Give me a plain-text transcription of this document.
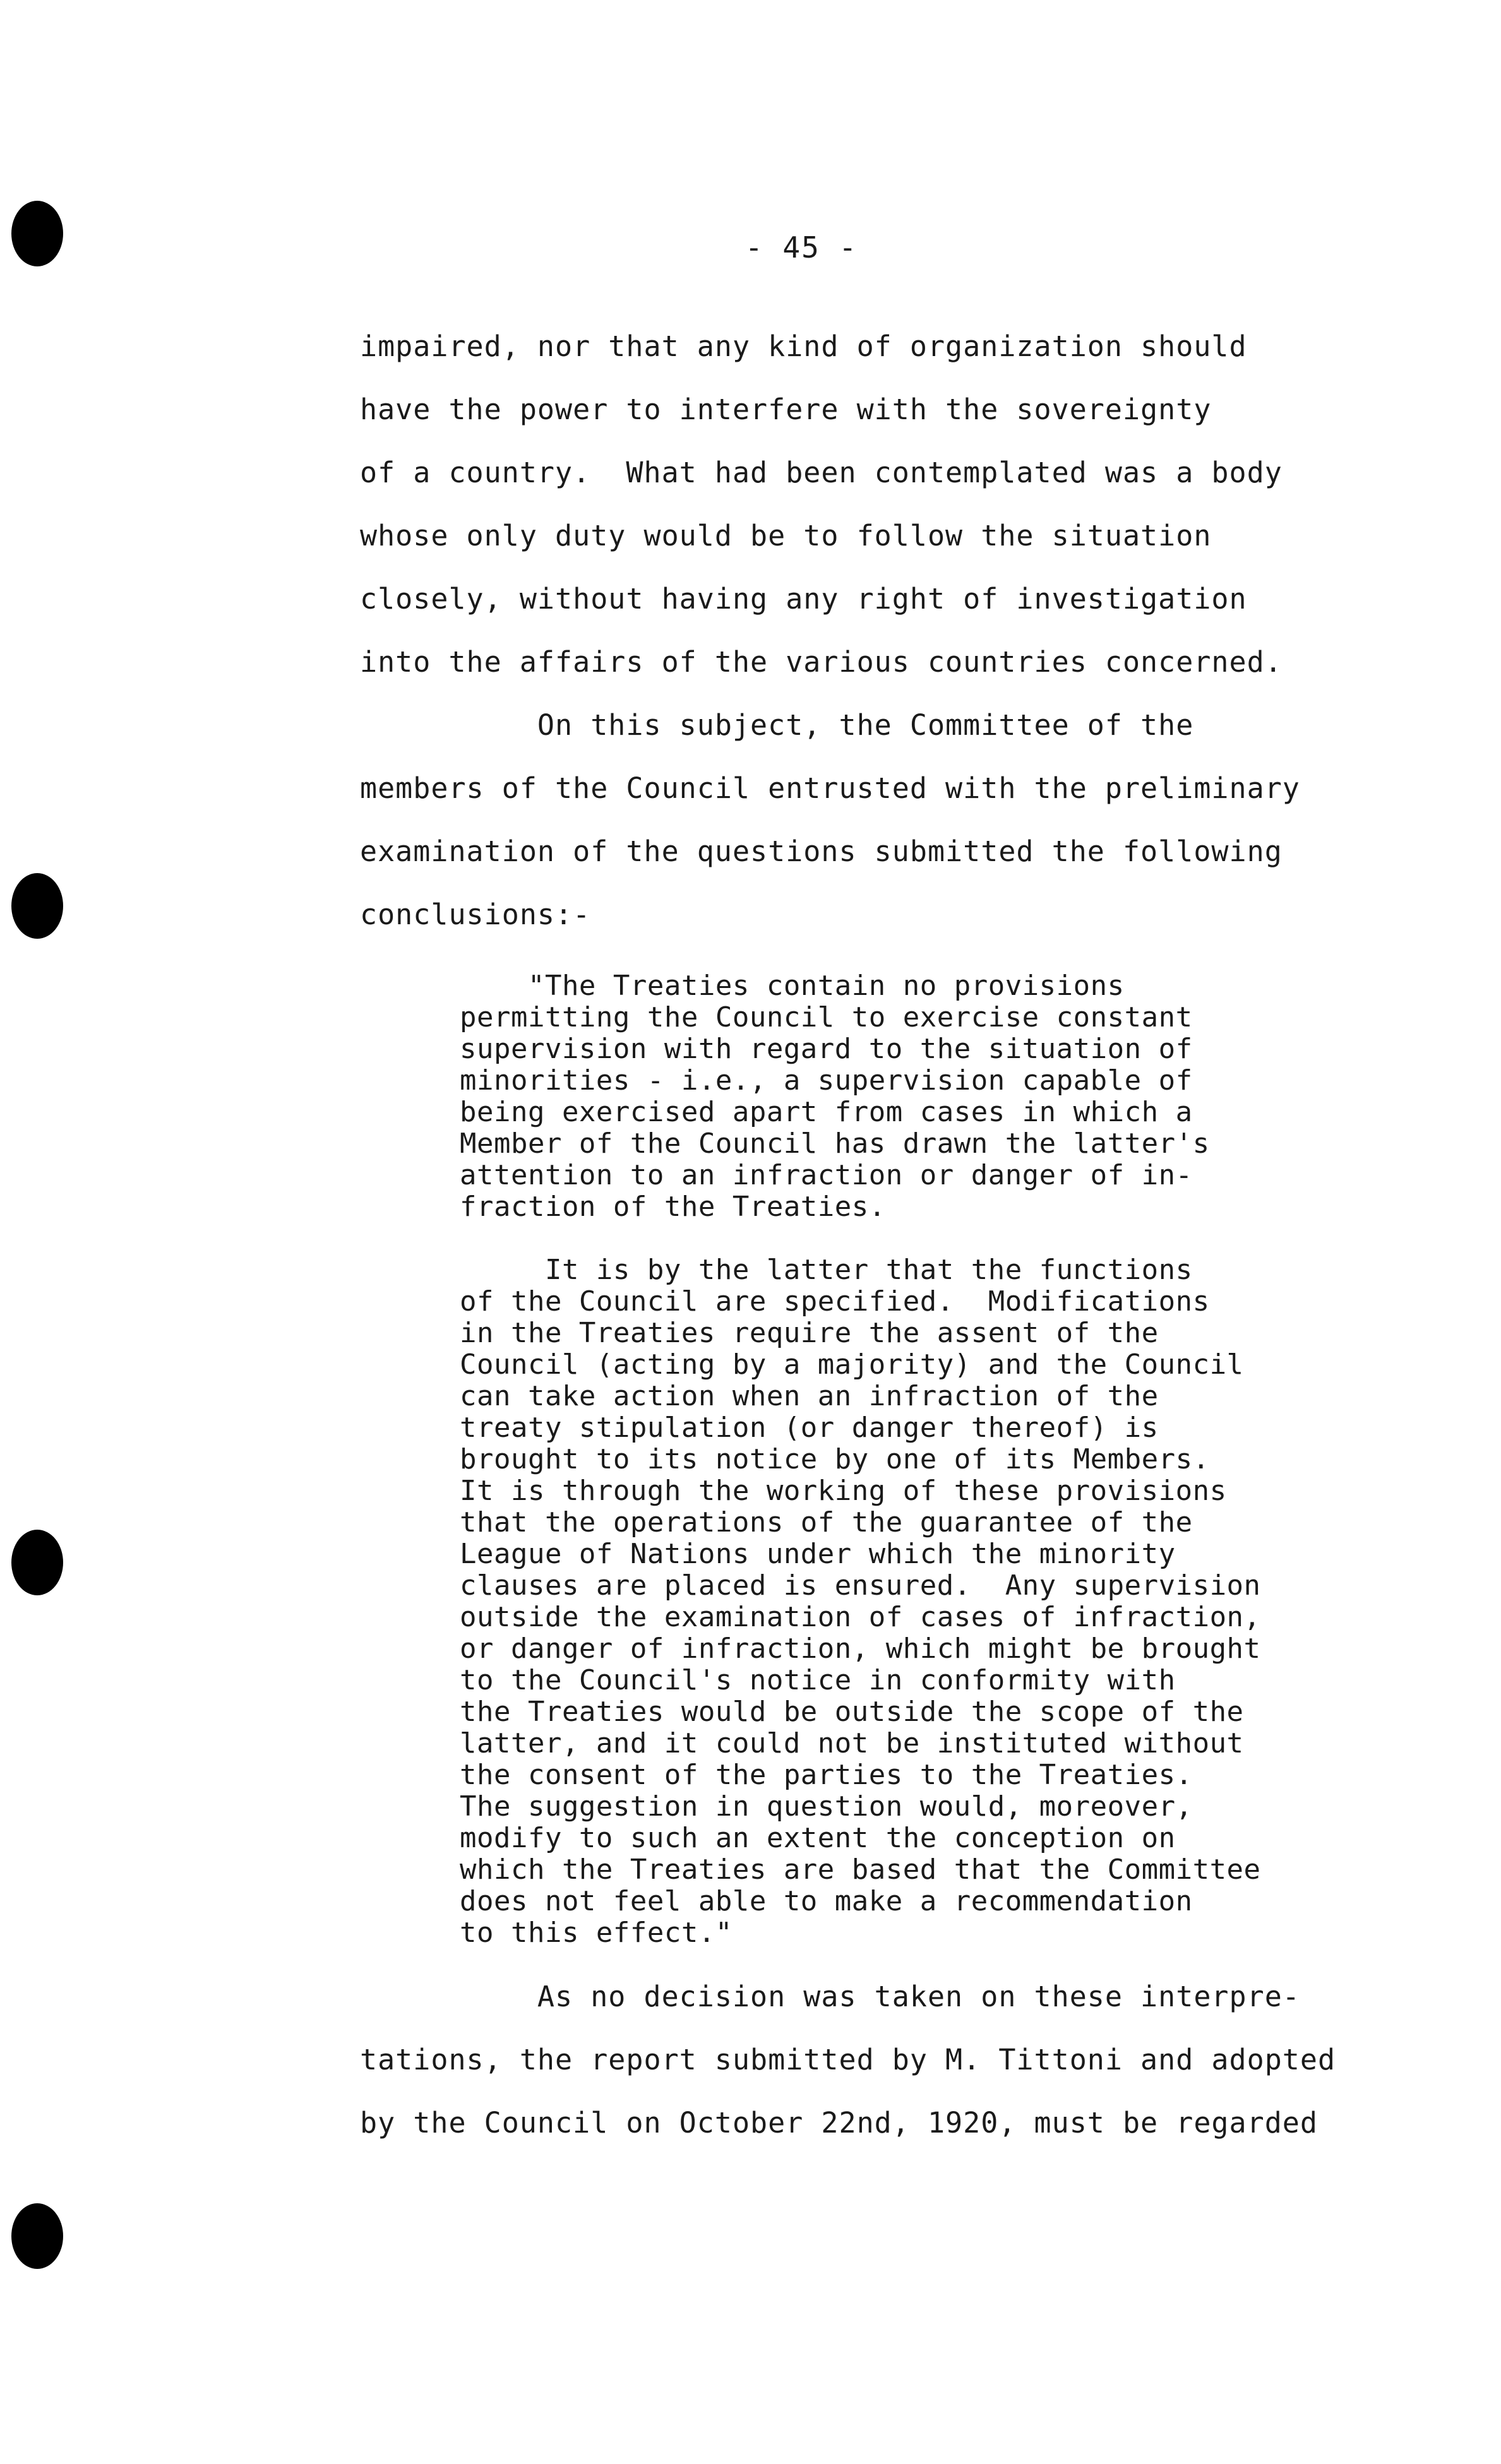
- 45 -
impaired, nor that any kind of organization should
have the power to interfere with the sovereignty
of a country.  What had been contemplated was a body
whose only duty would be to follow the situation
closely, without having any right of investigation
into the affairs of the various countries concerned.
On this subject, the Committee of the
members of the Council entrusted with the preliminary
examination of the questions submitted the following
conclusions:-
"The Treaties contain no provisions
permitting the Council to exercise constant
supervision with regard to the situation of
minorities - i.e., a supervision capable of
being exercised apart from cases in which a
Member of the Council has drawn the latter's
attention to an infraction or danger of in-
fraction of the Treaties.
It is by the latter that the functions
of the Council are specified.  Modifications
in the Treaties require the assent of the
Council (acting by a majority) and the Council
can take action when an infraction of the
treaty stipulation (or danger thereof) is
brought to its notice by one of its Members.
It is through the working of these provisions
that the operations of the guarantee of the
League of Nations under which the minority
clauses are placed is ensured.  Any supervision
outside the examination of cases of infraction,
or danger of infraction, which might be brought
to the Council's notice in conformity with
the Treaties would be outside the scope of the
latter, and it could not be instituted without
the consent of the parties to the Treaties.
The suggestion in question would, moreover,
modify to such an extent the conception on
which the Treaties are based that the Committee
does not feel able to make a recommendation
to this effect."
As no decision was taken on these interpre-
tations, the report submitted by M. Tittoni and adopted
by the Council on October 22nd, 1920, must be regarded
